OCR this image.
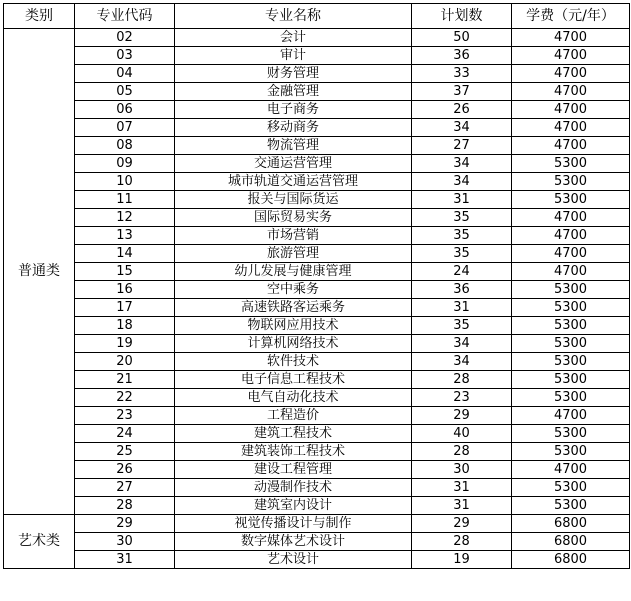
类别	专业代码	专业名称	计划数	学费（元/年）
普通类	02	会计	50	4700
	03	审计	36	4700
	04	财务管理	33	4700
	05	金融管理	37	4700
	06	电子商务	26	4700
	07	移动商务	34	4700
	08	物流管理	27	4700
	09	交通运营管理	34	5300
	10	城市轨道交通运营管理	34	5300
	11	报关与国际货运	31	5300
	12	国际贸易实务	35	4700
	13	市场营销	35	4700
	14	旅游管理	35	4700
	15	幼儿发展与健康管理	24	4700
	16	空中乘务	36	5300
	17	高速铁路客运乘务	31	5300
	18	物联网应用技术	35	5300
	19	计算机网络技术	34	5300
	20	软件技术	34	5300
	21	电子信息工程技术	28	5300
	22	电气自动化技术	23	5300
	23	工程造价	29	4700
	24	建筑工程技术	40	5300
	25	建筑装饰工程技术	28	5300
	26	建设工程管理	30	4700
	27	动漫制作技术	31	5300
	28	建筑室内设计	31	5300
艺术类	29	视觉传播设计与制作	29	6800
	30	数字媒体艺术设计	28	6800
	31	艺术设计	19	6800
